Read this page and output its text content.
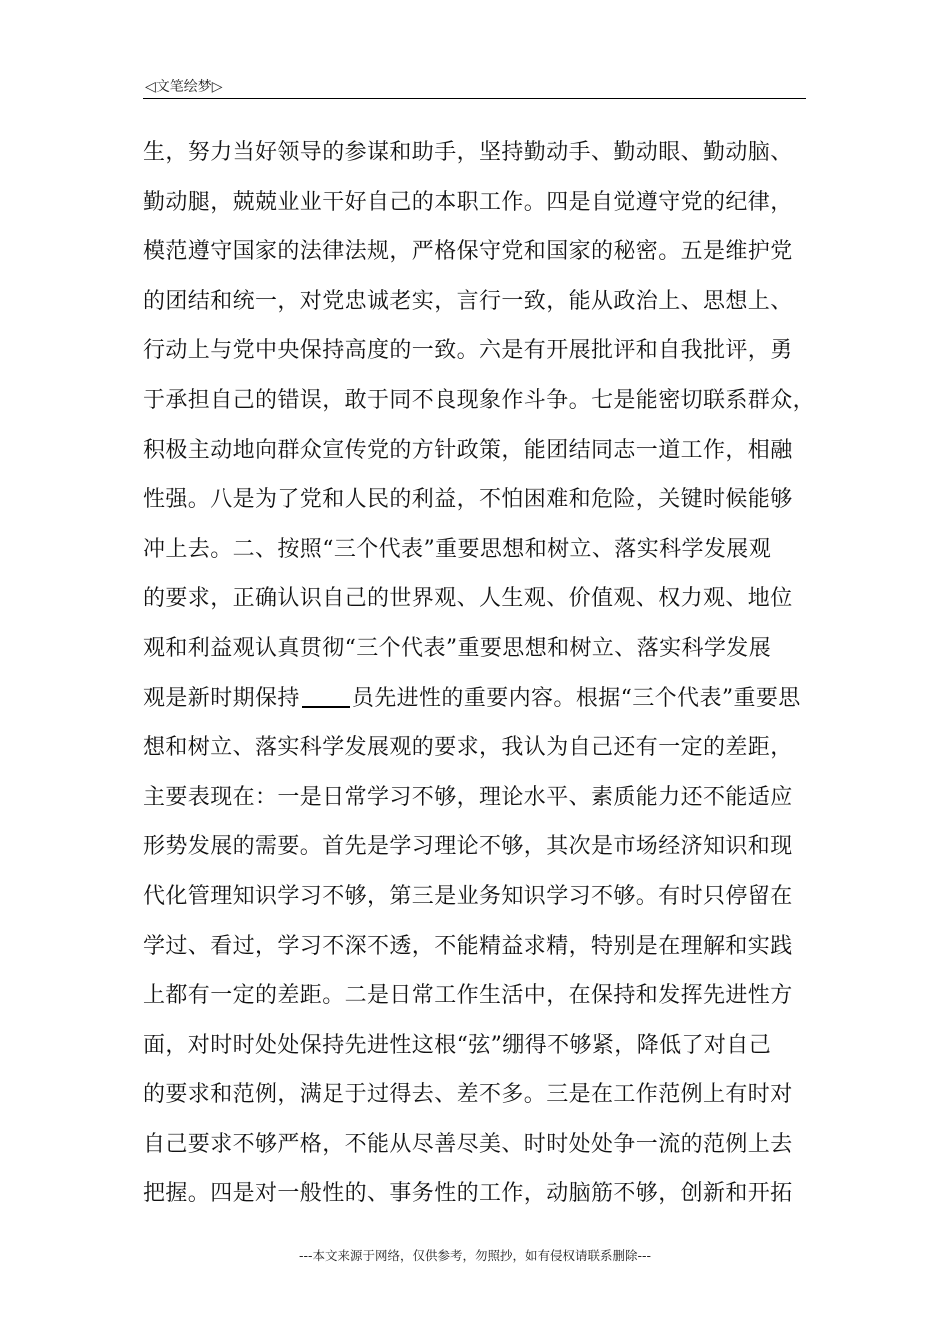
◁文笔绘梦▷
生，努力当好领导的参谋和助手，坚持勤动手、勤动眼、勤动脑、
勤动腿，兢兢业业干好自己的本职工作。四是自觉遵守党的纪律，
模范遵守国家的法律法规，严格保守党和国家的秘密。五是维护党
的团结和统一，对党忠诚老实，言行一致，能从政治上、思想上、
行动上与党中央保持高度的一致。六是有开展批评和自我批评，勇
于承担自己的错误，敢于同不良现象作斗争。七是能密切联系群众，
积极主动地向群众宣传党的方针政策，能团结同志一道工作，相融
性强。八是为了党和人民的利益，不怕困难和危险，关键时候能够
冲上去。二、按照“三个代表”重要思想和树立、落实科学发展观
的要求，正确认识自己的世界观、人生观、价值观、权力观、地位
观和利益观认真贯彻“三个代表”重要思想和树立、落实科学发展
观是新时期保持 员先进性的重要内容。根据“三个代表”重要思
想和树立、落实科学发展观的要求，我认为自己还有一定的差距，
主要表现在：一是日常学习不够，理论水平、素质能力还不能适应
形势发展的需要。首先是学习理论不够，其次是市场经济知识和现
代化管理知识学习不够，第三是业务知识学习不够。有时只停留在
学过、看过，学习不深不透，不能精益求精，特别是在理解和实践
上都有一定的差距。二是日常工作生活中，在保持和发挥先进性方
面，对时时处处保持先进性这根“弦”绷得不够紧，降低了对自己
的要求和范例，满足于过得去、差不多。三是在工作范例上有时对
自己要求不够严格，不能从尽善尽美、时时处处争一流的范例上去
把握。四是对一般性的、事务性的工作，动脑筋不够，创新和开拓
---本文来源于网络，仅供参考，勿照抄，如有侵权请联系删除---
